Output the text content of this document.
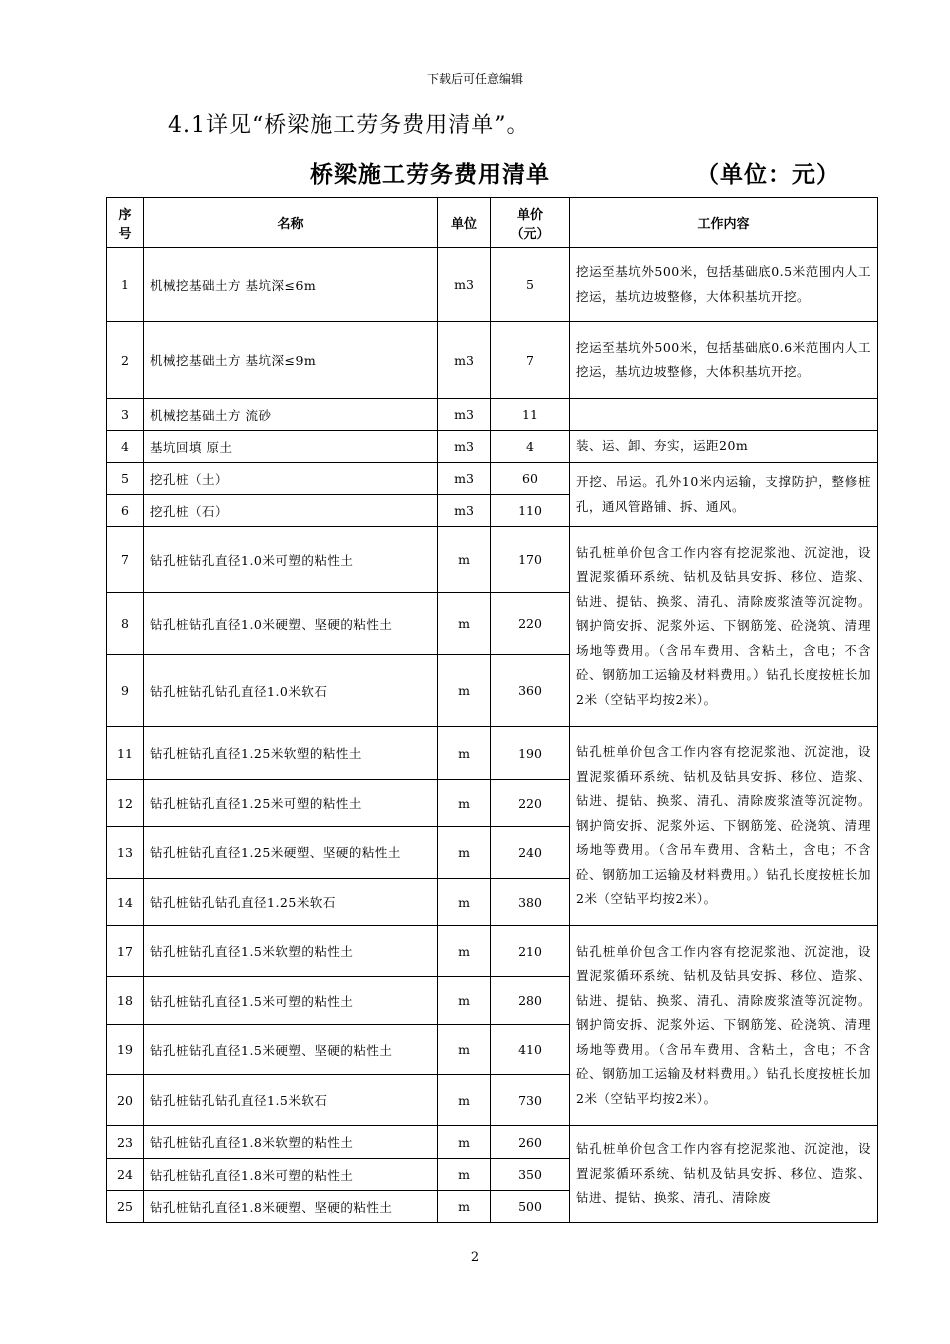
下载后可任意编辑
4.1详见“桥梁施工劳务费用清单”。
桥梁施工劳务费用清单	（单位：元）
序号	名称	单位	单价（元）	工作内容
1	机械挖基础土方 基坑深≤6m	m3	5	挖运至基坑外500米，包括基础底0.5米范围内人工挖运，基坑边坡整修，大体积基坑开挖。
2	机械挖基础土方 基坑深≤9m	m3	7	挖运至基坑外500米，包括基础底0.6米范围内人工挖运，基坑边坡整修，大体积基坑开挖。
3	机械挖基础土方 流砂	m3	11	
4	基坑回填 原土	m3	4	装、运、卸、夯实，运距20m
5	挖孔桩（土）	m3	60	开挖、吊运。孔外10米内运输，支撑防护，整修桩孔，通风管路铺、拆、通风。
6	挖孔桩（石）	m3	110	
7	钻孔桩钻孔直径1.0米可塑的粘性土	m	170	钻孔桩单价包含工作内容有挖泥浆池、沉淀池，设置泥浆循环系统、钻机及钻具安拆、移位、造浆、钻进、提钻、换浆、清孔、清除废浆渣等沉淀物。钢护筒安拆、泥浆外运、下钢筋笼、砼浇筑、清理场地等费用。（含吊车费用、含粘土，含电；不含砼、钢筋加工运输及材料费用。）钻孔长度按桩长加2米（空钻平均按2米）。
8	钻孔桩钻孔直径1.0米硬塑、坚硬的粘性土	m	220	
9	钻孔桩钻孔钻孔直径1.0米软石	m	360	
11	钻孔桩钻孔直径1.25米软塑的粘性土	m	190	钻孔桩单价包含工作内容有挖泥浆池、沉淀池，设置泥浆循环系统、钻机及钻具安拆、移位、造浆、钻进、提钻、换浆、清孔、清除废浆渣等沉淀物。钢护筒安拆、泥浆外运、下钢筋笼、砼浇筑、清理场地等费用。（含吊车费用、含粘土，含电；不含砼、钢筋加工运输及材料费用。）钻孔长度按桩长加2米（空钻平均按2米）。
12	钻孔桩钻孔直径1.25米可塑的粘性土	m	220	
13	钻孔桩钻孔直径1.25米硬塑、坚硬的粘性土	m	240	
14	钻孔桩钻孔钻孔直径1.25米软石	m	380	
17	钻孔桩钻孔直径1.5米软塑的粘性土	m	210	钻孔桩单价包含工作内容有挖泥浆池、沉淀池，设置泥浆循环系统、钻机及钻具安拆、移位、造浆、钻进、提钻、换浆、清孔、清除废浆渣等沉淀物。钢护筒安拆、泥浆外运、下钢筋笼、砼浇筑、清理场地等费用。（含吊车费用、含粘土，含电；不含砼、钢筋加工运输及材料费用。）钻孔长度按桩长加2米（空钻平均按2米）。
18	钻孔桩钻孔直径1.5米可塑的粘性土	m	280	
19	钻孔桩钻孔直径1.5米硬塑、坚硬的粘性土	m	410	
20	钻孔桩钻孔钻孔直径1.5米软石	m	730	
23	钻孔桩钻孔直径1.8米软塑的粘性土	m	260	钻孔桩单价包含工作内容有挖泥浆池、沉淀池，设置泥浆循环系统、钻机及钻具安拆、移位、造浆、钻进、提钻、换浆、清孔、清除废
24	钻孔桩钻孔直径1.8米可塑的粘性土	m	350	
25	钻孔桩钻孔直径1.8米硬塑、坚硬的粘性土	m	500	
2
